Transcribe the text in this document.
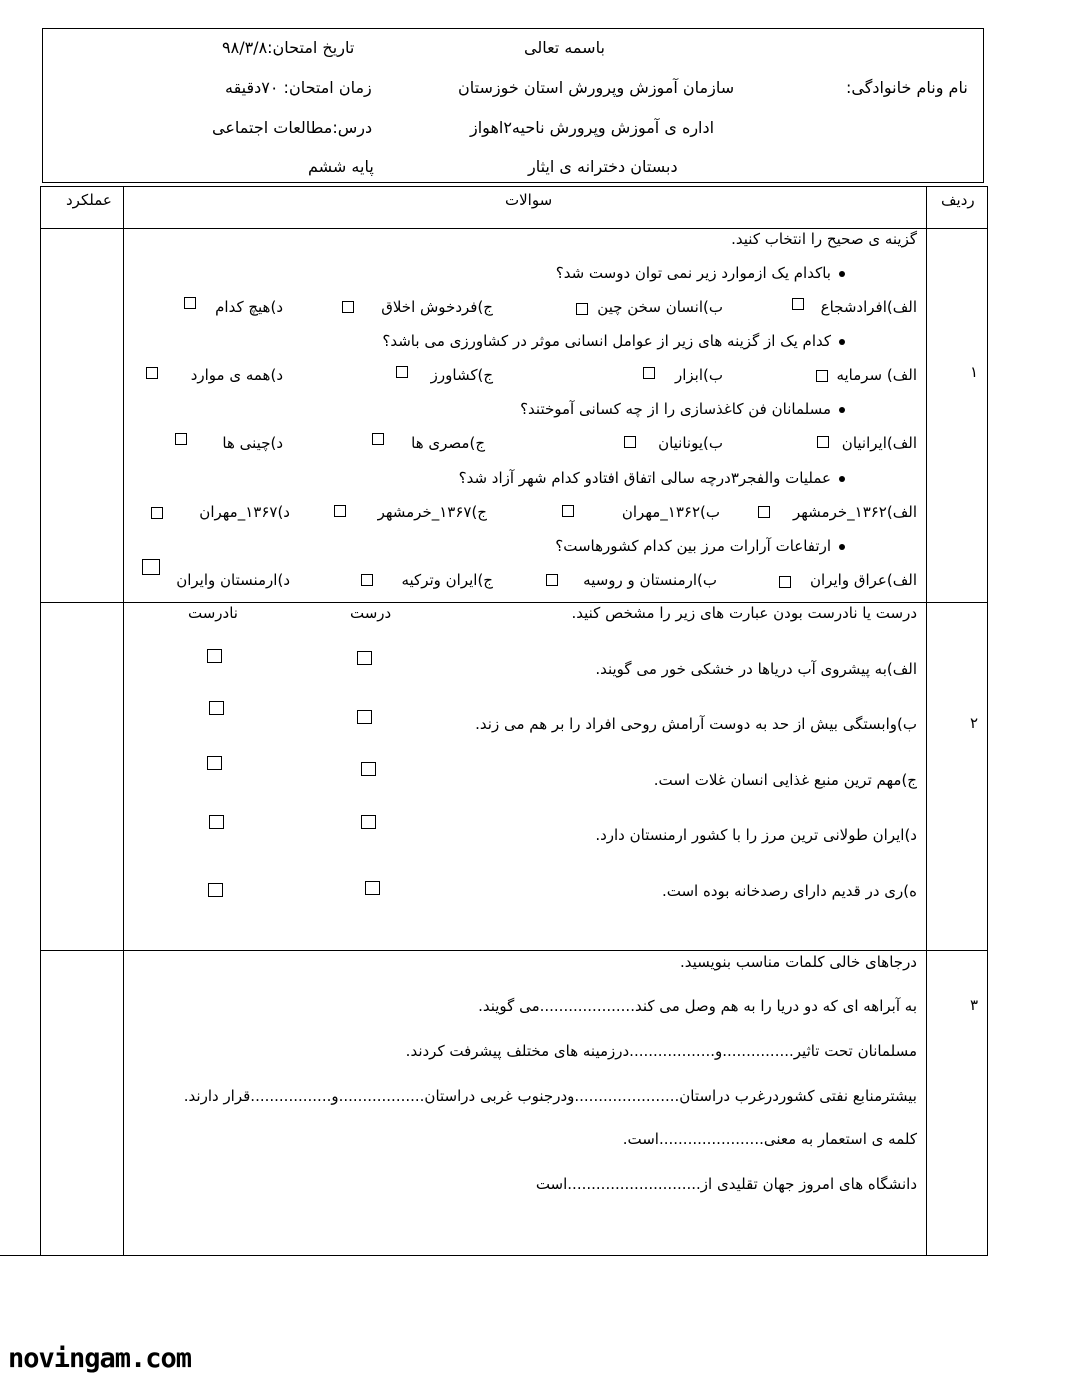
باسمه تعالی
تاریخ امتحان:۹۸/۳/۸
سازمان آموزش وپرورش استان خوزستان	نام ونام خانوادگی:
زمان امتحان: ۷۰دقیقه
اداره ی آموزش وپرورش ناحیه۲اهواز
درس:مطالعات اجتماعی
دبستان دخترانه ی ایثار
پایه ششم
ردیف
سوالات
عملکرد
۱
گزینه ی صحیح را انتخاب کنید.
باکدام یک ازموارد زیر نمی توان دوست شد؟
الف)افرادشجاع
ب)انسان سخن چین
ج)فردخوش اخلاق
د)هیچ کدام
کدام یک از گزینه های زیر از عوامل انسانی موثر در کشاورزی می باشد؟
الف) سرمایه
ب)ابزار
ج)کشاورز
د)همه ی موارد
مسلمانان فن کاغذسازی را از چه کسانی آموختند؟
الف)ایرانیان
ب)یونانیان
ج)مصری ها
د)چینی ها
عملیات والفجر۳درچه سالی اتفاق افتادو کدام شهر آزاد شد؟
الف)۱۳۶۲_خرمشهر
ب)۱۳۶۲_مهران
ج)۱۳۶۷_خرمشهر
د)۱۳۶۷_مهران
ارتفاعات آرارات مرز بین کدام کشورهاست؟
الف)عراق وایران
ب)ارمنستان و روسیه
ج)ایران وترکیه
د)ارمنستان وایران
۲
درست یا نادرست بودن عبارت های زیر را مشخص کنید.
درست
نادرست
الف)به پیشروی آب دریاها در خشکی خور می گویند.
ب)وابستگی بیش از حد به دوست آرامش روحی افراد را بر هم می زند.
ج)مهم ترین منبع غذایی انسان غلات است.
د)ایران طولانی ترین مرز را با کشور ارمنستان دارد.
ه)ری در قدیم دارای رصدخانه بوده است.
۳
درجاهای خالی کلمات مناسب بنویسید.
به آبراهه ای که دو دریا را به هم وصل می کند....................می گویند.
مسلمانان تحت تاثیر...............و..................درزمینه های مختلف پیشرفت کردند.
بیشترمنابع نفتی کشوردرغرب دراستان......................ودرجنوب غربی دراستان..................و.................قرار دارند.
کلمه ی استعمار به معنی......................است.
دانشگاه های امروز جهان تقلیدی از............................است
novingam.com
